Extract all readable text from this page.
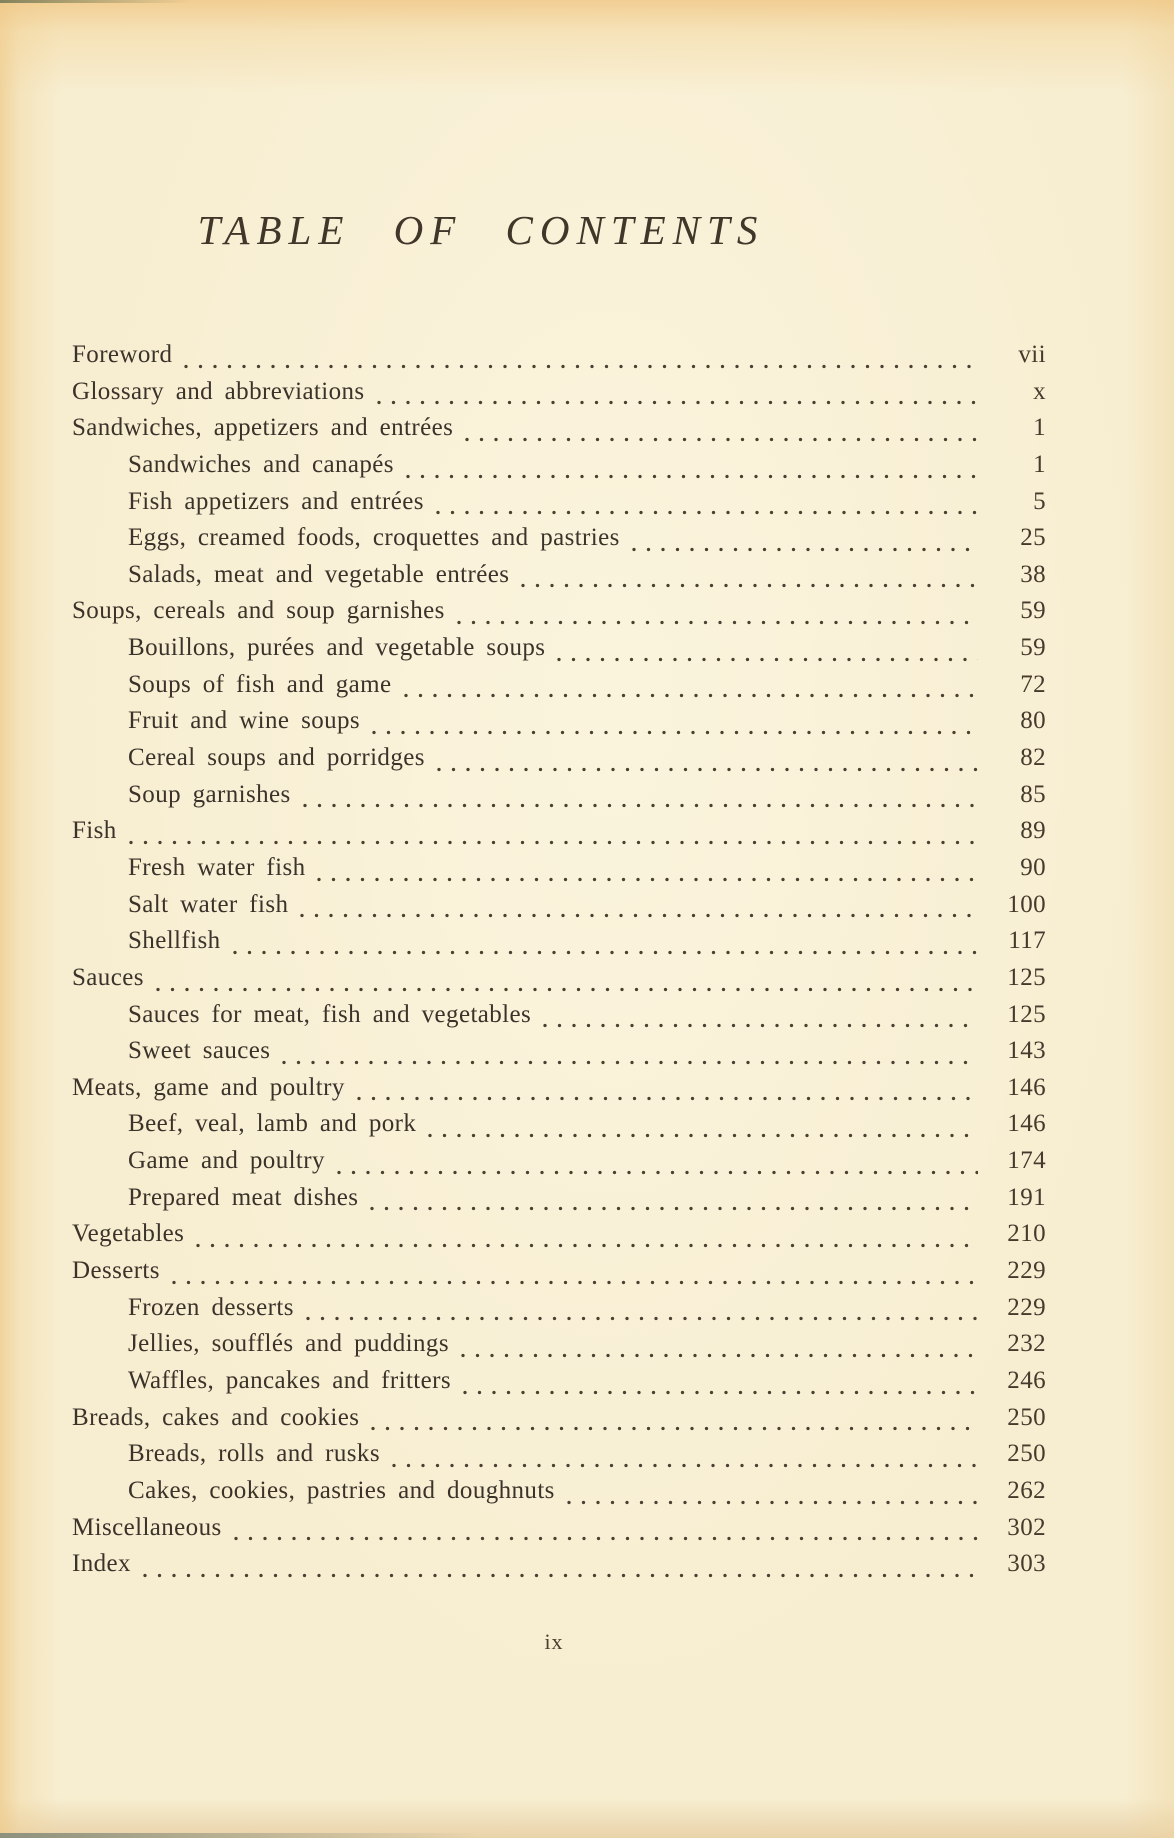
TABLE OF CONTENTS
Foreword	vii
Glossary and abbreviations	x
Sandwiches, appetizers and entrées	1
Sandwiches and canapés	1
Fish appetizers and entrées	5
Eggs, creamed foods, croquettes and pastries	25
Salads, meat and vegetable entrées	38
Soups, cereals and soup garnishes	59
Bouillons, purées and vegetable soups	59
Soups of fish and game	72
Fruit and wine soups	80
Cereal soups and porridges	82
Soup garnishes	85
Fish	89
Fresh water fish	90
Salt water fish	100
Shellfish	117
Sauces	125
Sauces for meat, fish and vegetables	125
Sweet sauces	143
Meats, game and poultry	146
Beef, veal, lamb and pork	146
Game and poultry	174
Prepared meat dishes	191
Vegetables	210
Desserts	229
Frozen desserts	229
Jellies, soufflés and puddings	232
Waffles, pancakes and fritters	246
Breads, cakes and cookies	250
Breads, rolls and rusks	250
Cakes, cookies, pastries and doughnuts	262
Miscellaneous	302
Index	303
ix
